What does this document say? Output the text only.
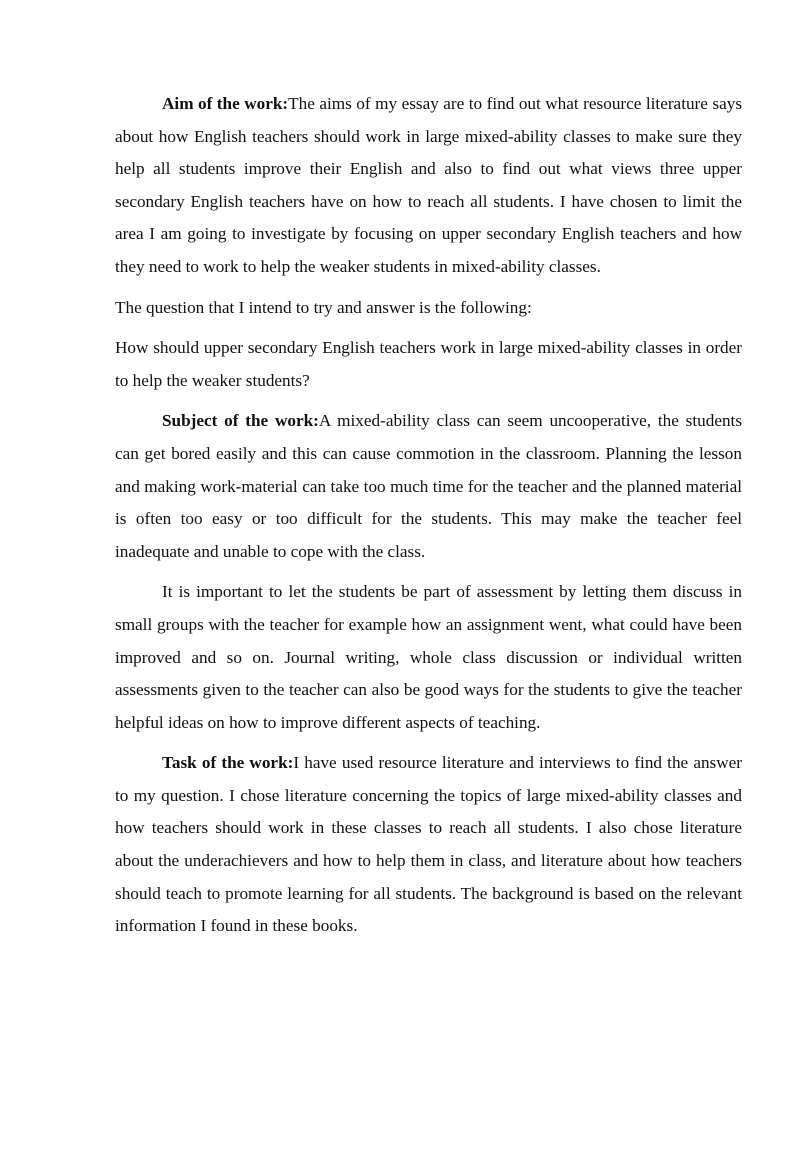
Aim of the work:The aims of my essay are to find out what resource literature says about how English teachers should work in large mixed-ability classes to make sure they help all students improve their English and also to find out what views three upper secondary English teachers have on how to reach all students. I have chosen to limit the area I am going to investigate by focusing on upper secondary English teachers and how they need to work to help the weaker students in mixed-ability classes.

The question that I intend to try and answer is the following:

How should upper secondary English teachers work in large mixed-ability classes in order to help the weaker students?

Subject of the work:A mixed-ability class can seem uncooperative, the students can get bored easily and this can cause commotion in the classroom. Planning the lesson and making work-material can take too much time for the teacher and the planned material is often too easy or too difficult for the students. This may make the teacher feel inadequate and unable to cope with the class.

It is important to let the students be part of assessment by letting them discuss in small groups with the teacher for example how an assignment went, what could have been improved and so on. Journal writing, whole class discussion or individual written assessments given to the teacher can also be good ways for the students to give the teacher helpful ideas on how to improve different aspects of teaching.

Task of the work:I have used resource literature and interviews to find the answer to my question. I chose literature concerning the topics of large mixed-ability classes and how teachers should work in these classes to reach all students. I also chose literature about the underachievers and how to help them in class, and literature about how teachers should teach to promote learning for all students. The background is based on the relevant information I found in these books.
